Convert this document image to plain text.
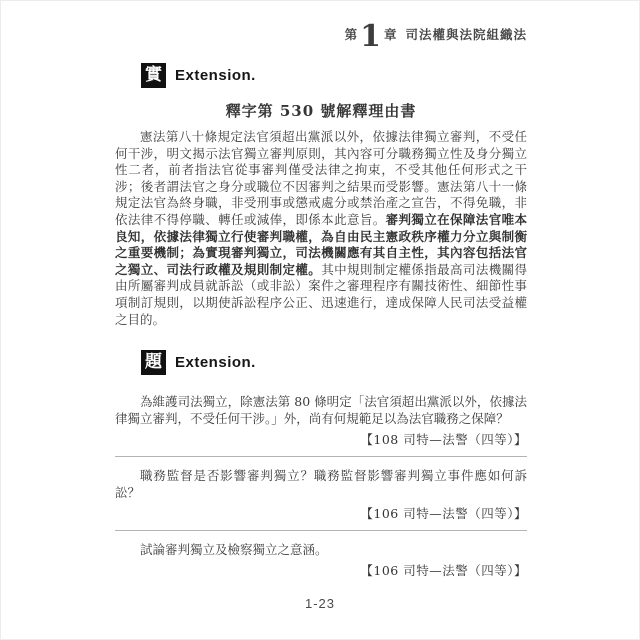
第 1 章 司法權與法院組織法
實 Extension.
釋字第 530 號解釋理由書

憲法第八十條規定法官須超出黨派以外，依據法律獨立審判，不受任何干涉，明文揭示法官獨立審判原則，其內容可分職務獨立性及身分獨立性二者，前者指法官從事審判僅受法律之拘束，不受其他任何形式之干涉；後者謂法官之身分或職位不因審判之結果而受影響。憲法第八十一條規定法官為終身職，非受刑事或懲戒處分或禁治產之宣告，不得免職，非依法律不得停職、轉任或減俸，即係本此意旨。審判獨立在保障法官唯本良知，依據法律獨立行使審判職權，為自由民主憲政秩序權力分立與制衡之重要機制；為實現審判獨立，司法機關應有其自主性，其內容包括法官之獨立、司法行政權及規則制定權。其中規則制定權係指最高司法機關得由所屬審判成員就訴訟（或非訟）案件之審理程序有關技術性、細節性事項制訂規則，以期使訴訟程序公正、迅速進行，達成保障人民司法受益權之目的。

題 Extension.

為維護司法獨立，除憲法第 80 條明定「法官須超出黨派以外，依據法律獨立審判，不受任何干涉。」外，尚有何規範足以為法官職務之保障？

【108 司特—法警（四等）】

職務監督是否影響審判獨立？職務監督影響審判獨立事件應如何訴訟？

【106 司特—法警（四等）】

試論審判獨立及檢察獨立之意涵。

【106 司特—法警（四等）】
1-23
